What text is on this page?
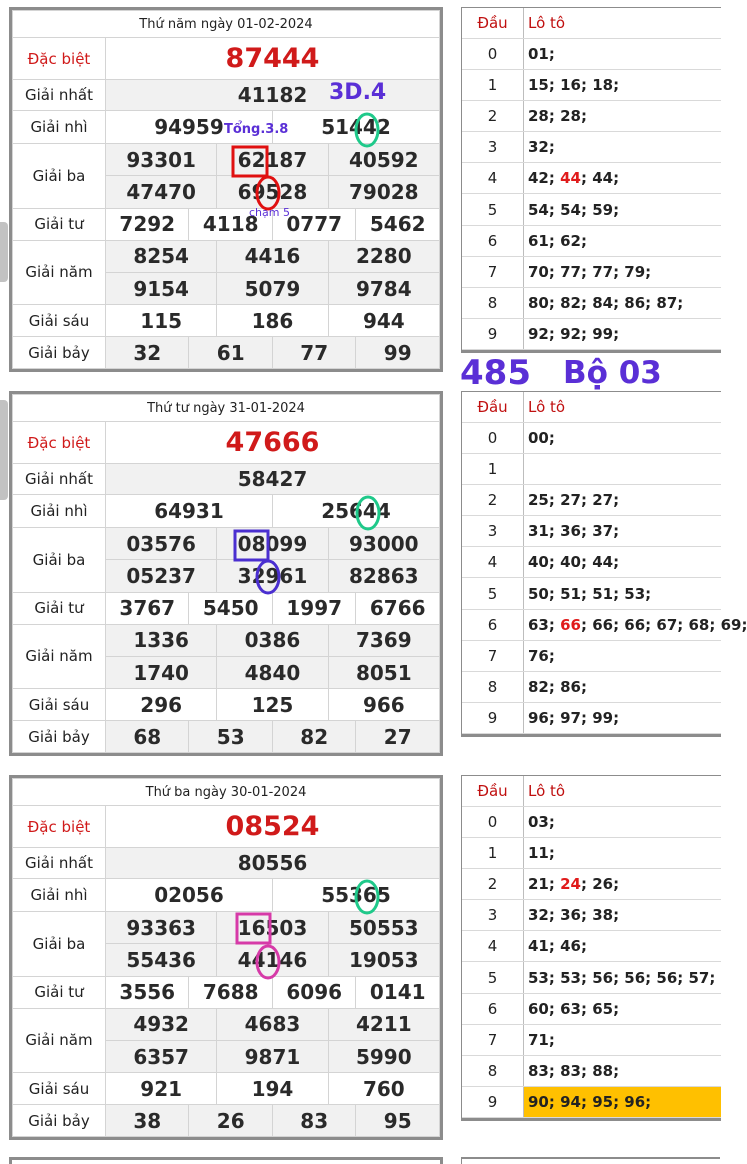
Thứ năm ngày 01-02-2024						
Đặc biệt	87444					
Giải nhất	41182					
Giải nhì	94959			51442		
Giải ba	93301		62187		40592	
	47470		69528		79028	
Giải tư	7292	4118		0777		5462
Giải năm	8254		4416		2280	
	9154		5079		9784	
Giải sáu	115		186		944	
Giải bảy	32	61		77		99
Thứ tư ngày 31-01-2024						
Đặc biệt	47666					
Giải nhất	58427					
Giải nhì	64931			25644		
Giải ba	03576		08099		93000	
	05237		32961		82863	
Giải tư	3767	5450		1997		6766
Giải năm	1336		0386		7369	
	1740		4840		8051	
Giải sáu	296		125		966	
Giải bảy	68	53		82		27
Thứ ba ngày 30-01-2024						
Đặc biệt	08524					
Giải nhất	80556					
Giải nhì	02056			55365		
Giải ba	93363		16503		50553	
	55436		44146		19053	
Giải tư	3556	7688		6096		0141
Giải năm	4932		4683		4211	
	6357		9871		5990	
Giải sáu	921		194		760	
Giải bảy	38	26		83		95
Đầu	Lô tô
0	01;
1	15; 16; 18;
2	28; 28;
3	32;
4	42; 44; 44;
5	54; 54; 59;
6	61; 62;
7	70; 77; 77; 79;
8	80; 82; 84; 86; 87;
9	92; 92; 99;
Đầu	Lô tô
0	00;
1	
2	25; 27; 27;
3	31; 36; 37;
4	40; 40; 44;
5	50; 51; 51; 53;
6	63; 66; 66; 66; 67; 68; 69;
7	76;
8	82; 86;
9	96; 97; 99;
Đầu	Lô tô
0	03;
1	11;
2	21; 24; 26;
3	32; 36; 38;
4	41; 46;
5	53; 53; 56; 56; 56; 57;
6	60; 63; 65;
7	71;
8	83; 83; 88;
9	90; 94; 95; 96;
3D.4
Tổng.3.8
chạm 5
485 Bộ 03
